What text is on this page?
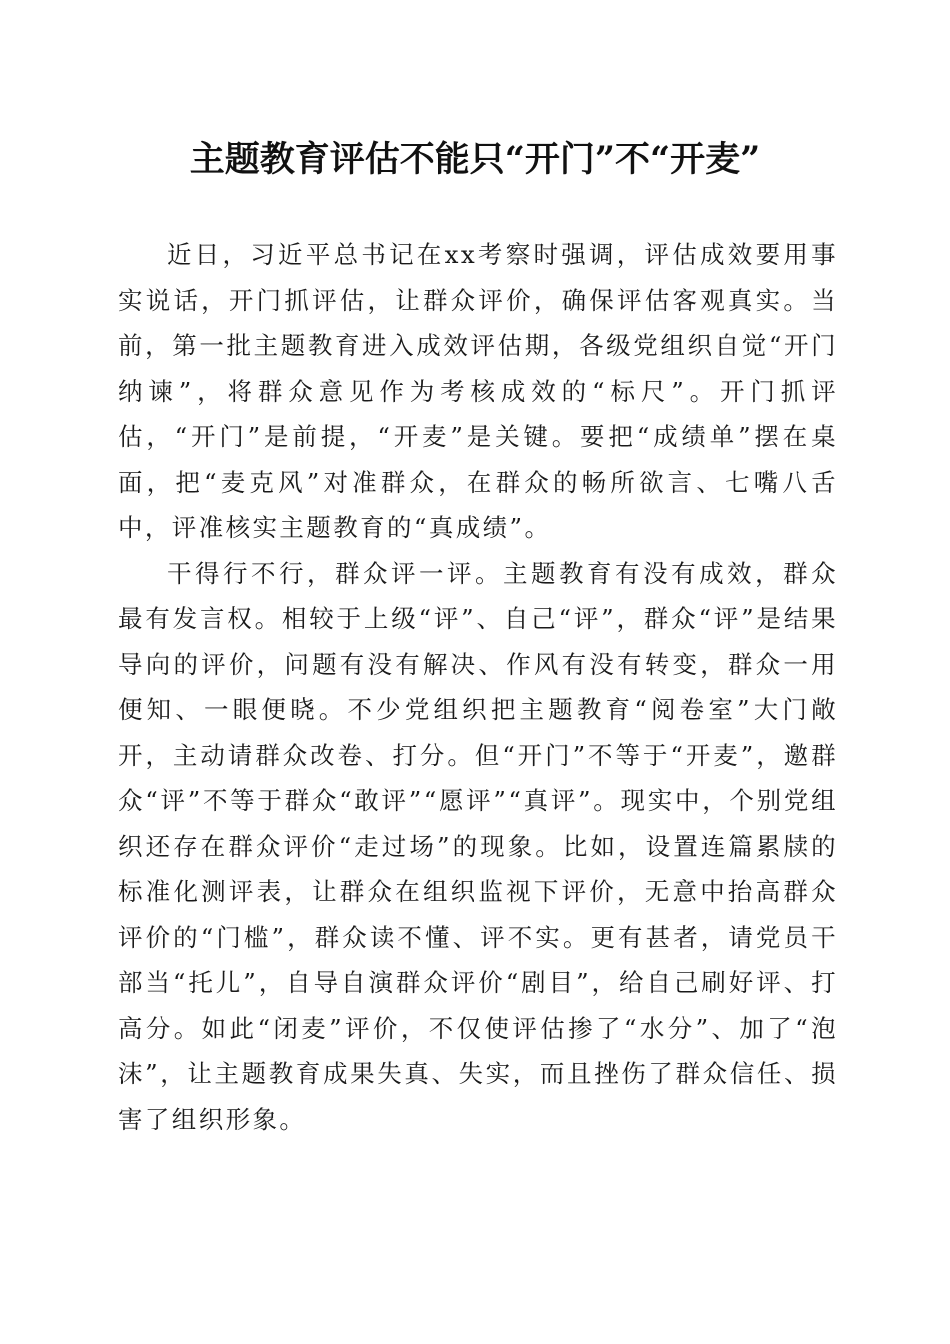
主题教育评估不能只“开门”不“开麦”

近日，习近平总书记在xx考察时强调，评估成效要用事实说话，开门抓评估，让群众评价，确保评估客观真实。当前，第一批主题教育进入成效评估期，各级党组织自觉“开门纳谏”，将群众意见作为考核成效的“标尺”。开门抓评估，“开门”是前提，“开麦”是关键。要把“成绩单”摆在桌面，把“麦克风”对准群众，在群众的畅所欲言、七嘴八舌中，评准核实主题教育的“真成绩”。

干得行不行，群众评一评。主题教育有没有成效，群众最有发言权。相较于上级“评”、自己“评”，群众“评”是结果导向的评价，问题有没有解决、作风有没有转变，群众一用便知、一眼便晓。不少党组织把主题教育“阅卷室”大门敞开，主动请群众改卷、打分。但“开门”不等于“开麦”，邀群众“评”不等于群众“敢评”“愿评”“真评”。现实中，个别党组织还存在群众评价“走过场”的现象。比如，设置连篇累牍的标准化测评表，让群众在组织监视下评价，无意中抬高群众评价的“门槛”，群众读不懂、评不实。更有甚者，请党员干部当“托儿”，自导自演群众评价“剧目”，给自己刷好评、打高分。如此“闭麦”评价，不仅使评估掺了“水分”、加了“泡沫”，让主题教育成果失真、失实，而且挫伤了群众信任、损害了组织形象。
